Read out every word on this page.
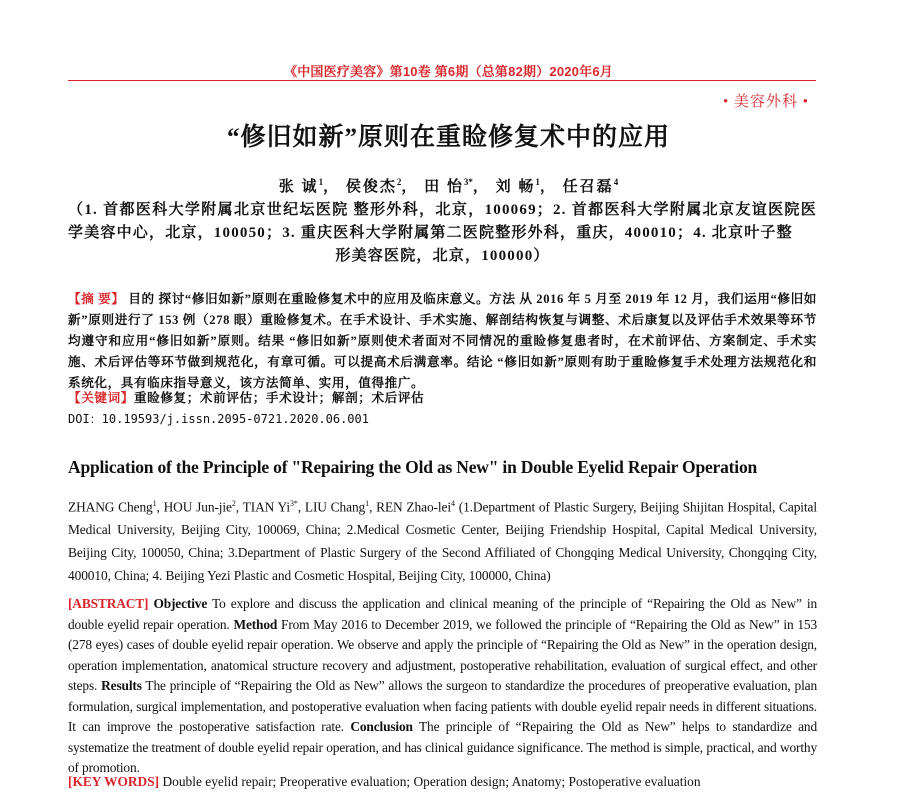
《中国医疗美容》第10卷 第6期（总第82期）2020年6月
• 美容外科 •
“修旧如新”原则在重睑修复术中的应用
张 诚$^1$， 侯俊杰$^2$， 田 怡$^{3*}$， 刘 畅$^1$， 任召磊$^4$
（1. 首都医科大学附属北京世纪坛医院 整形外科，北京，100069；2. 首都医科大学附属北京友谊医院医学美容中心，北京，100050；3. 重庆医科大学附属第二医院整形外科，重庆，400010；4. 北京叶子整
形美容医院，北京，100000）
【摘 要】 目的 探讨“修旧如新”原则在重睑修复术中的应用及临床意义。方法 从 2016 年 5 月至 2019 年 12 月，我们运用“修旧如新”原则进行了 153 例（278 眼）重睑修复术。在手术设计、手术实施、解剖结构恢复与调整、术后康复以及评估手术效果等环节均遵守和应用“修旧如新”原则。结果 “修旧如新”原则使术者面对不同情况的重睑修复患者时，在术前评估、方案制定、手术实施、术后评估等环节做到规范化，有章可循。可以提高术后满意率。结论 “修旧如新”原则有助于重睑修复手术处理方法规范化和系统化，具有临床指导意义，该方法简单、实用，值得推广。
【关键词】重睑修复；术前评估；手术设计；解剖；术后评估
DOI：10.19593/j.issn.2095-0721.2020.06.001
Application of the Principle of "Repairing the Old as New" in Double Eyelid Repair Operation
ZHANG Cheng$^1$, HOU Jun-jie$^2$, TIAN $Yi^{3*}$, LIU Chang$^1$, REN Zhao-lei$^4$ (1.Department of Plastic Surgery, Beijing Shijitan Hospital, Capital Medical University, Beijing City, 100069, China; 2.Medical Cosmetic Center, Beijing Friendship Hospital, Capital Medical University, Beijing City, 100050, China; 3.Department of Plastic Surgery of the Second Affiliated of Chongqing Medical University, Chongqing City, 400010, China; 4. Beijing Yezi Plastic and Cosmetic Hospital, Beijing City, 100000, China)
[ABSTRACT] Objective To explore and discuss the application and clinical meaning of the principle of “Repairing the Old as New” in double eyelid repair operation. Method From May 2016 to December 2019, we followed the principle of “Repairing the Old as New” in 153 (278 eyes) cases of double eyelid repair operation. We observe and apply the principle of “Repairing the Old as New” in the operation design, operation implementation, anatomical structure recovery and adjustment, postoperative rehabilitation, evaluation of surgical effect, and other steps. Results The principle of “Repairing the Old as New” allows the surgeon to standardize the procedures of preoperative evaluation, plan formulation, surgical implementation, and postoperative evaluation when facing patients with double eyelid repair needs in different situations. It can improve the postoperative satisfaction rate. Conclusion The principle of “Repairing the Old as New” helps to standardize and systematize the treatment of double eyelid repair operation, and has clinical guidance significance. The method is simple, practical, and worthy of promotion.
[KEY WORDS] Double eyelid repair; Preoperative evaluation; Operation design; Anatomy; Postoperative evaluation
